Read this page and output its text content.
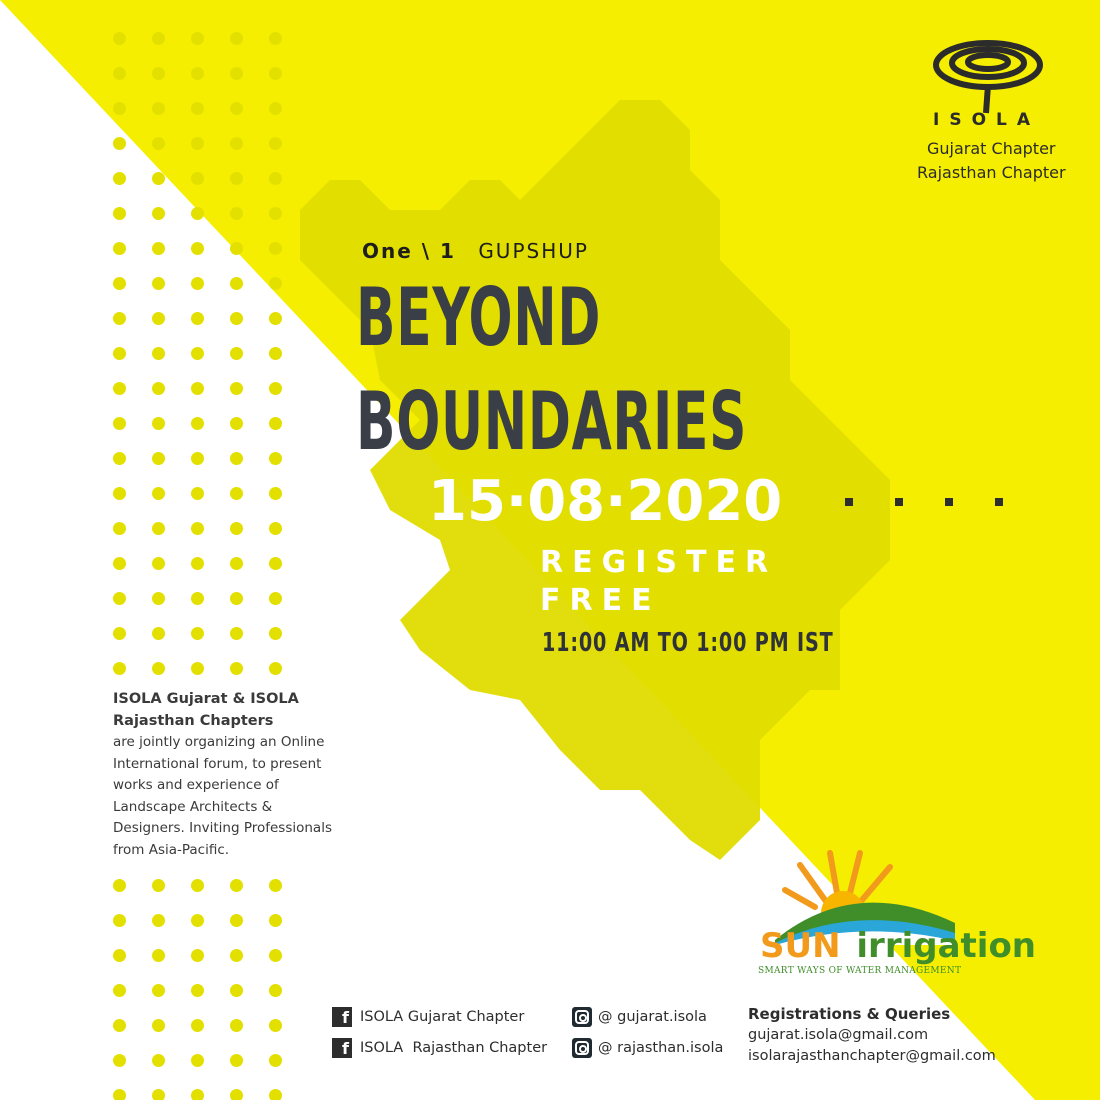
ISOLA
Gujarat Chapter
Rajasthan Chapter
One \ 1 GUPSHUP
BEYOND
BOUNDARIES
15·08·2020
REGISTER
FREE
11:00 AM TO 1:00 PM IST
ISOLA Gujarat & ISOLA Rajasthan Chapters
are jointly organizing an Online International forum, to present works and experience of Landscape Architects & Designers. Inviting Professionals from Asia-Pacific.
SUN irrigation
SMART WAYS OF WATER MANAGEMENT
f ISOLA Gujarat Chapter
f ISOLA  Rajasthan Chapter
@ gujarat.isola
@ rajasthan.isola
Registrations & Queries
gujarat.isola@gmail.com
isolarajasthanchapter@gmail.com
